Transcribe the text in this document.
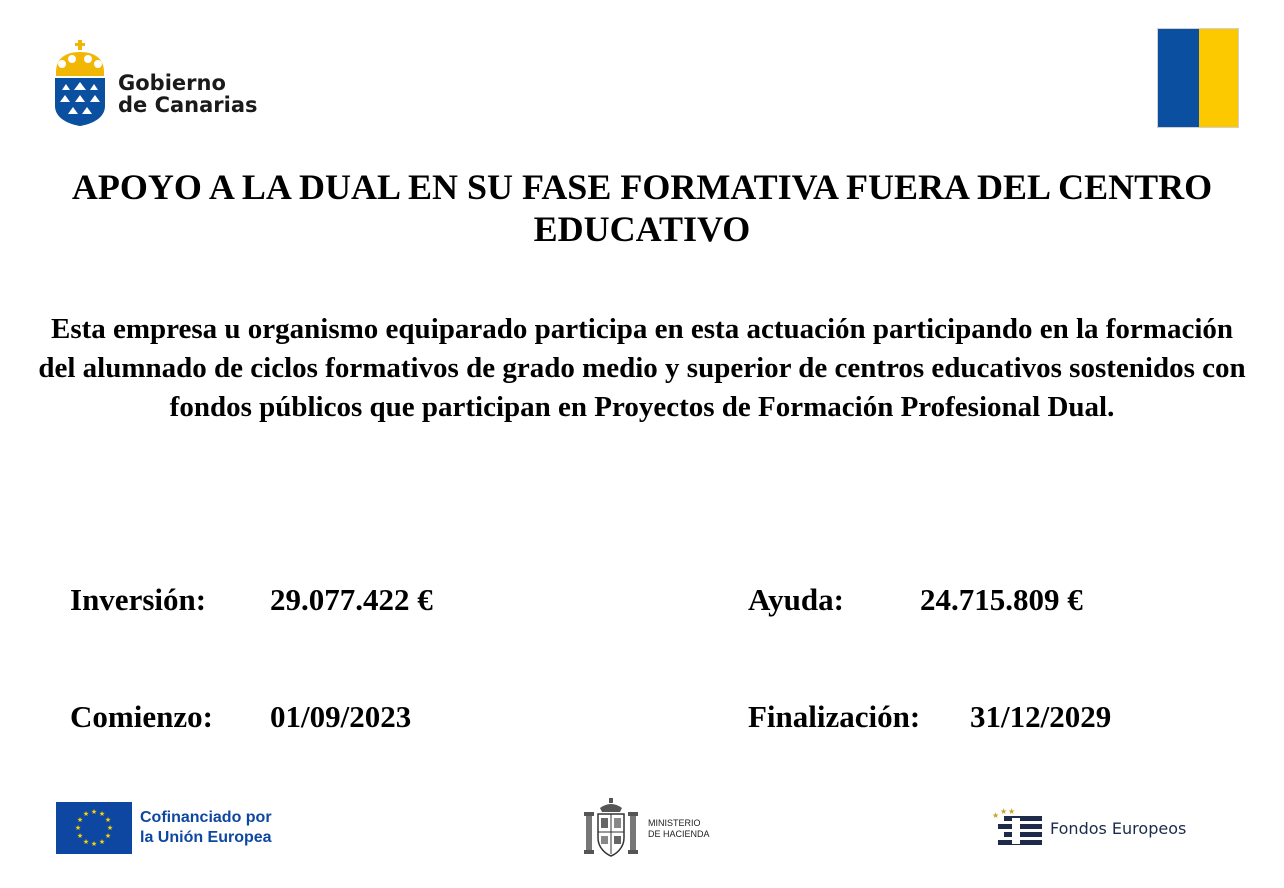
Gobierno
de Canarias
APOYO A LA DUAL EN SU FASE FORMATIVA FUERA DEL CENTRO EDUCATIVO
Esta empresa u organismo equiparado participa en esta actuación participando en la formación del alumnado de ciclos formativos de grado medio y superior de centros educativos sostenidos con fondos públicos que participan en Proyectos de Formación Profesional Dual.
Inversión: 29.077.422 €	Ayuda: 24.715.809 €
Comienzo: 01/09/2023	Finalización: 31/12/2029
★ ★
★
★
★
★
★
★
★
★
★
★	Cofinanciado por
la Unión Europea
MINISTERIO
DE HACIENDA
★ ★ ★
Fondos Europeos
